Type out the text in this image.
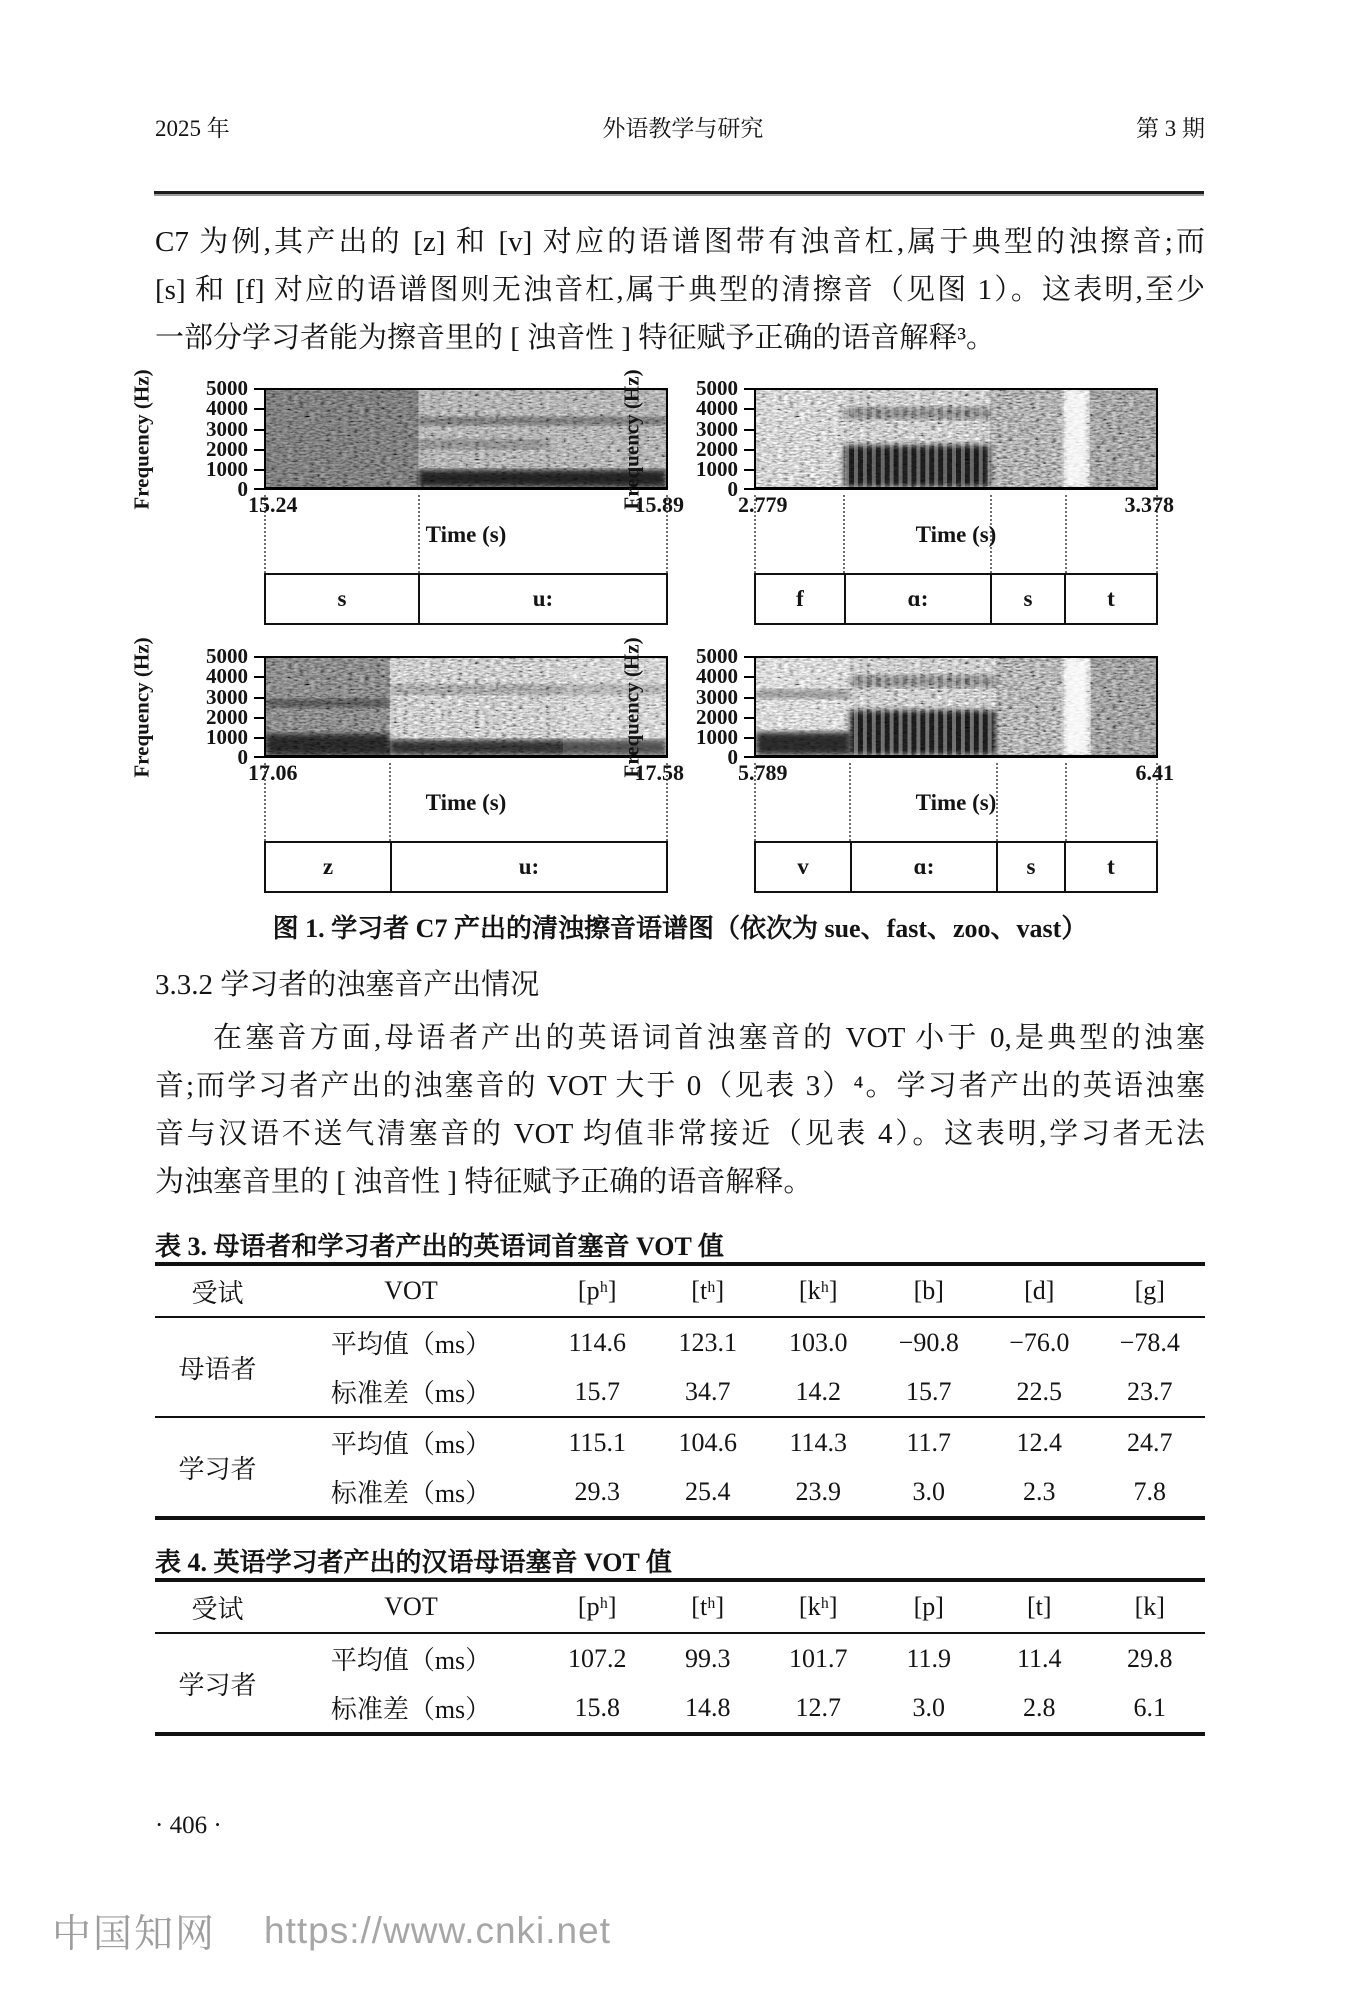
2025 年	外语教学与研究	第 3 期
C7 为例,其产出的 [z] 和 [v] 对应的语谱图带有浊音杠,属于典型的浊擦音;而
[s] 和 [f] 对应的语谱图则无浊音杠,属于典型的清擦音（见图 1）。这表明,至少
一部分学习者能为擦音里的 [ 浊音性 ] 特征赋予正确的语音解释³。
Frequency (Hz)	5000
4000
3000
2000
1000
0
15.24	15.89
Time (s)
s	u:
Frequency (Hz)	5000
4000
3000
2000
1000
0
2.779	3.378
Time (s)
f	ɑ:	s	t
Frequency (Hz)	5000
4000
3000
2000
1000
0
17.06	17.58
Time (s)
z	u:
Frequency (Hz)	5000
4000
3000
2000
1000
0
5.789	6.41
Time (s)
v	ɑ:	s	t
图 1. 学习者 C7 产出的清浊擦音语谱图（依次为 sue、fast、zoo、vast）
3.3.2 学习者的浊塞音产出情况
在塞音方面,母语者产出的英语词首浊塞音的 VOT 小于 0,是典型的浊塞
音;而学习者产出的浊塞音的 VOT 大于 0（见表 3）⁴。学习者产出的英语浊塞
音与汉语不送气清塞音的 VOT 均值非常接近（见表 4）。这表明,学习者无法
为浊塞音里的 [ 浊音性 ] 特征赋予正确的语音解释。
表 3. 母语者和学习者产出的英语词首塞音 VOT 值
受试	VOT	[pʰ]	[tʰ]	[kʰ]	[b]	[d]	[g]
母语者	平均值（ms）	114.6	123.1	103.0	−90.8	−76.0	−78.4
	标准差（ms）	15.7	34.7	14.2	15.7	22.5	23.7
学习者	平均值（ms）	115.1	104.6	114.3	11.7	12.4	24.7
	标准差（ms）	29.3	25.4	23.9	3.0	2.3	7.8
表 4. 英语学习者产出的汉语母语塞音 VOT 值
受试	VOT	[pʰ]	[tʰ]	[kʰ]	[p]	[t]	[k]
学习者	平均值（ms）	107.2	99.3	101.7	11.9	11.4	29.8
	标准差（ms）	15.8	14.8	12.7	3.0	2.8	6.1
· 406 ·
中国知网 https://www.cnki.net
